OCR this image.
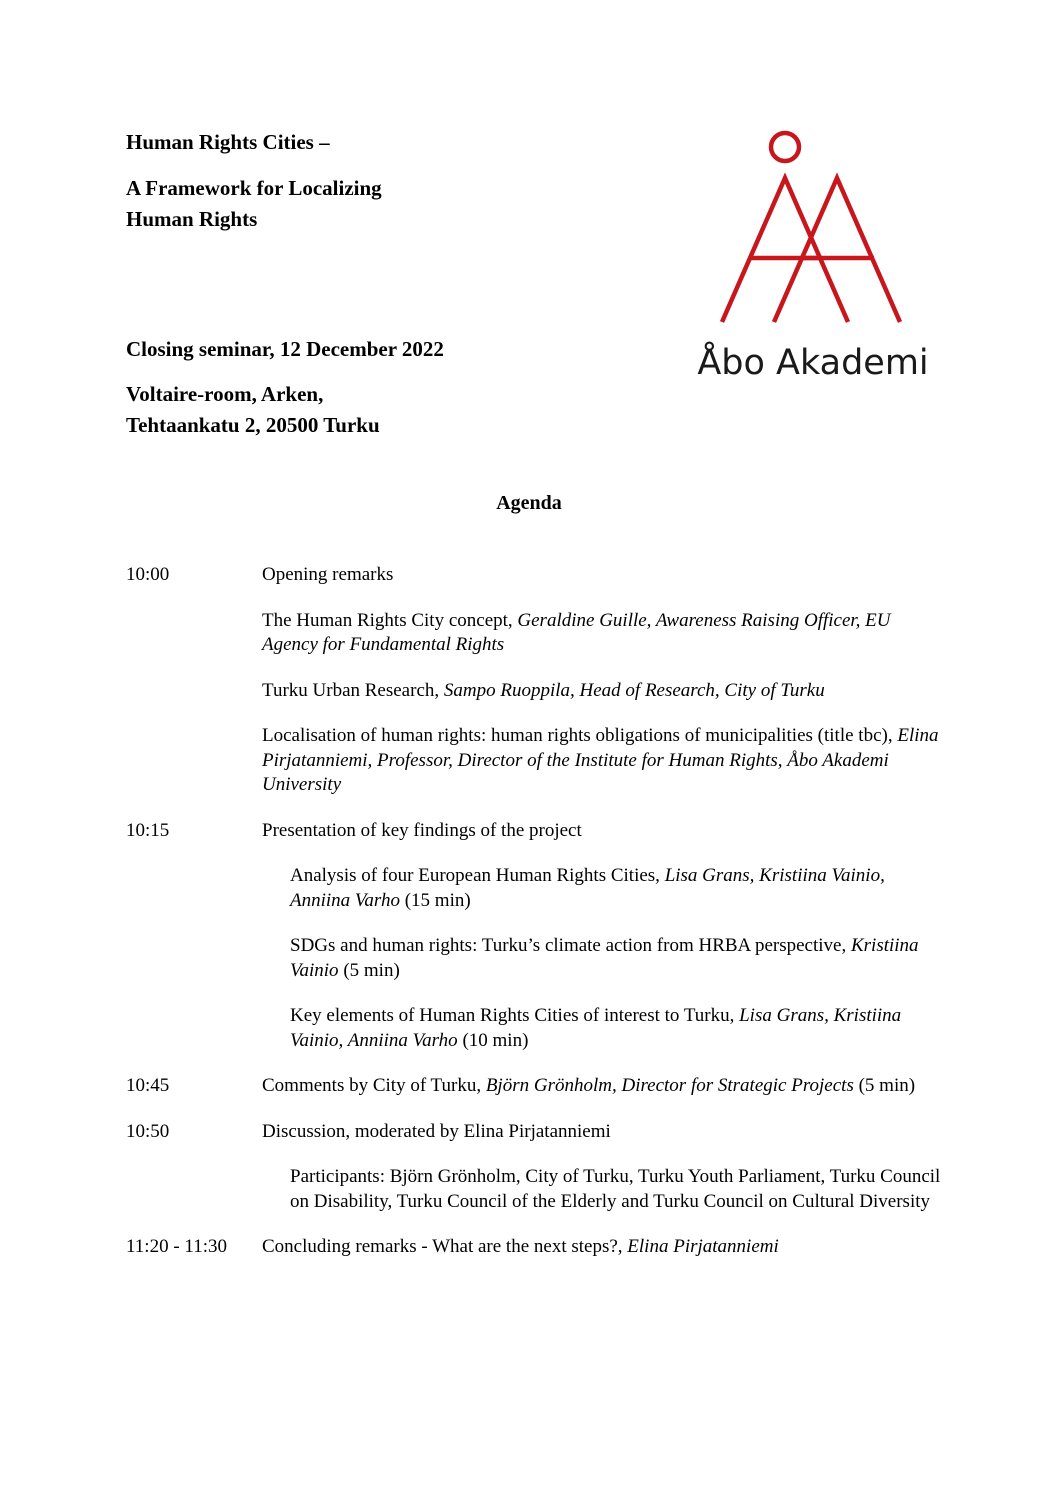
Human Rights Cities –

A Framework for Localizing

Human Rights

Closing seminar, 12 December 2022

Voltaire-room, Arken,

Tehtaankatu 2, 20500 Turku

Åbo Akademi

Agenda

10:00	Opening remarks
The Human Rights City concept, Geraldine Guille, Awareness Raising Officer, EU Agency for Fundamental Rights
Turku Urban Research, Sampo Ruoppila, Head of Research, City of Turku
Localisation of human rights: human rights obligations of municipalities (title tbc), Elina Pirjatanniemi, Professor, Director of the Institute for Human Rights, Åbo Akademi University
10:15	Presentation of key findings of the project
Analysis of four European Human Rights Cities, Lisa Grans, Kristiina Vainio, Anniina Varho (15 min)
SDGs and human rights: Turku’s climate action from HRBA perspective, Kristiina Vainio (5 min)
Key elements of Human Rights Cities of interest to Turku, Lisa Grans, Kristiina Vainio, Anniina Varho (10 min)
10:45	Comments by City of Turku, Björn Grönholm, Director for Strategic Projects (5 min)
10:50	Discussion, moderated by Elina Pirjatanniemi
Participants: Björn Grönholm, City of Turku, Turku Youth Parliament, Turku Council on Disability, Turku Council of the Elderly and Turku Council on Cultural Diversity
11:20 - 11:30 Concluding remarks - What are the next steps?, Elina Pirjatanniemi
